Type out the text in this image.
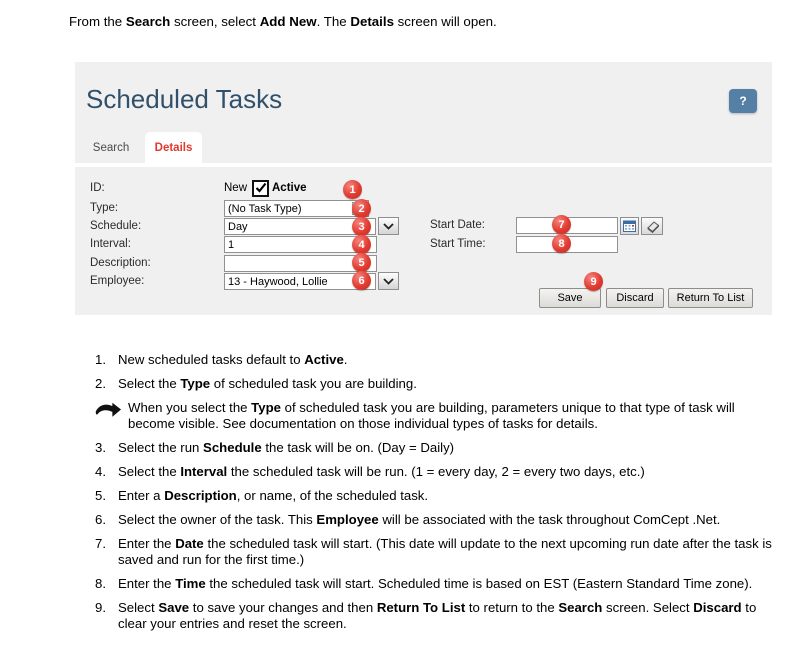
From the Search screen, select Add New. The Details screen will open.

Scheduled Tasks	?
Search	Details
ID:	New Active
Type:	(No Task Type)
Schedule:	Day
Interval:
1
Description:
Employee:	13 - Haywood, Lollie
Start Date:
Start Time:
Save	Discard	Return To List
1
2
3
4
5
6
7
8
9
1. New scheduled tasks default to Active.
2. Select the Type of scheduled task you are building.
When you select the Type of scheduled task you are building, parameters unique to that type of task will become visible. See documentation on those individual types of tasks for details.
3. Select the run Schedule the task will be on. (Day = Daily)
4. Select the Interval the scheduled task will be run. (1 = every day, 2 = every two days, etc.)
5. Enter a Description, or name, of the scheduled task.
6. Select the owner of the task. This Employee will be associated with the task throughout ComCept .Net.
7. Enter the Date the scheduled task will start. (This date will update to the next upcoming run date after the task is saved and run for the first time.)
8. Enter the Time the scheduled task will start. Scheduled time is based on EST (Eastern Standard Time zone).
9. Select Save to save your changes and then Return To List to return to the Search screen. Select Discard to clear your entries and reset the screen.
